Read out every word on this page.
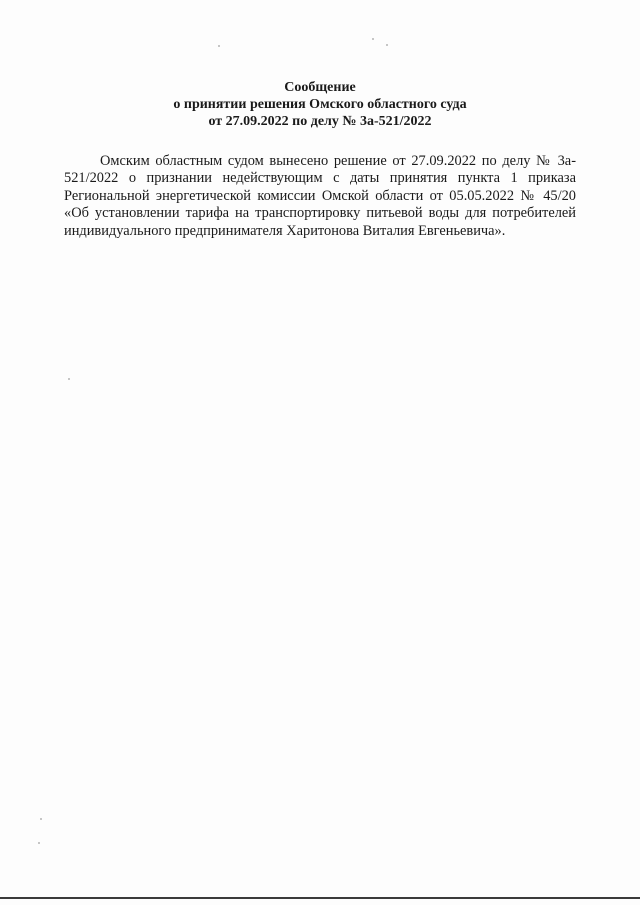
Сообщение
о принятии решения Омского областного суда
от 27.09.2022 по делу № 3а-521/2022
Омским областным судом вынесено решение от 27.09.2022 по делу № 3а-
521/2022 о признании недействующим с даты принятия пункта 1 приказа
Региональной энергетической комиссии Омской области от 05.05.2022 № 45/20
«Об установлении тарифа на транспортировку питьевой воды для потребителей
индивидуального предпринимателя Харитонова Виталия Евгеньевича».
